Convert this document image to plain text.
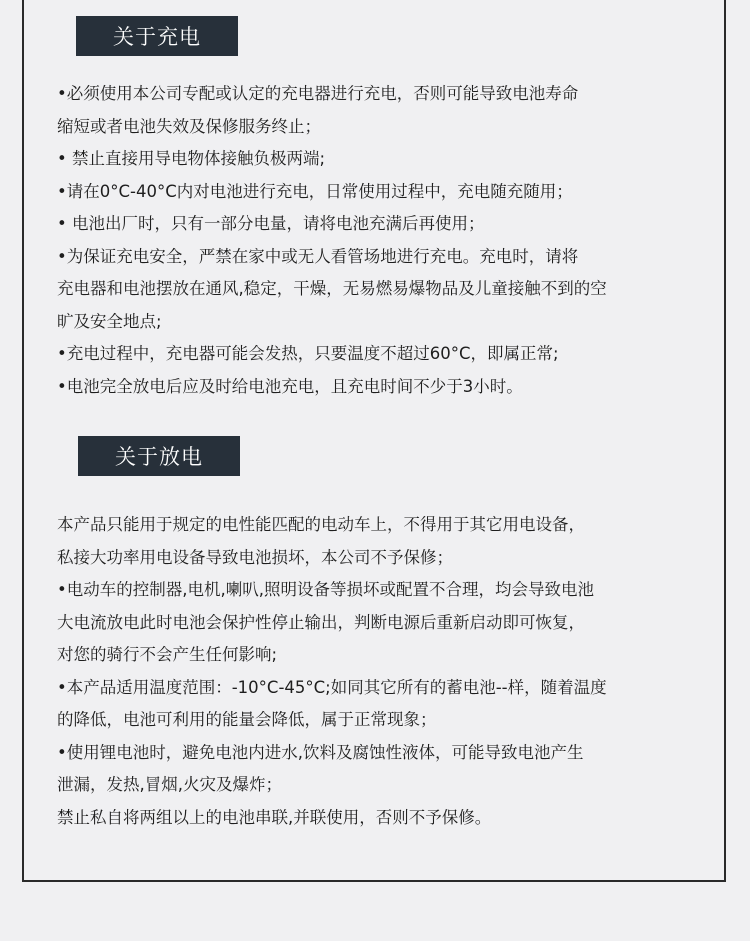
关于充电
•必须使用本公司专配或认定的充电器进行充电，否则可能导致电池寿命
缩短或者电池失效及保修服务终止；
• 禁止直接用导电物体接触负极两端;
•请在0°C-40°C内对电池进行充电，日常使用过程中，充电随充随用；
• 电池出厂时，只有一部分电量，请将电池充满后再使用；
•为保证充电安全，严禁在家中或无人看管场地进行充电。充电时，请将
充电器和电池摆放在通风,稳定，干燥，无易燃易爆物品及儿童接触不到的空
旷及安全地点;
•充电过程中，充电器可能会发热，只要温度不超过60°C，即属正常;
•电池完全放电后应及时给电池充电，且充电时间不少于3小时。
关于放电
本产品只能用于规定的电性能匹配的电动车上，不得用于其它用电设备，
私接大功率用电设备导致电池损坏，本公司不予保修；
•电动车的控制器,电机,喇叭,照明设备等损坏或配置不合理，均会导致电池
大电流放电此时电池会保护性停止输出，判断电源后重新启动即可恢复，
对您的骑行不会产生任何影响;
•本产品适用温度范围：-10°C-45°C;如同其它所有的蓄电池--样，随着温度
的降低，电池可利用的能量会降低，属于正常现象；
•使用锂电池时，避免电池内进水,饮料及腐蚀性液体，可能导致电池产生
泄漏，发热,冒烟,火灾及爆炸；
禁止私自将两组以上的电池串联,并联使用，否则不予保修。
